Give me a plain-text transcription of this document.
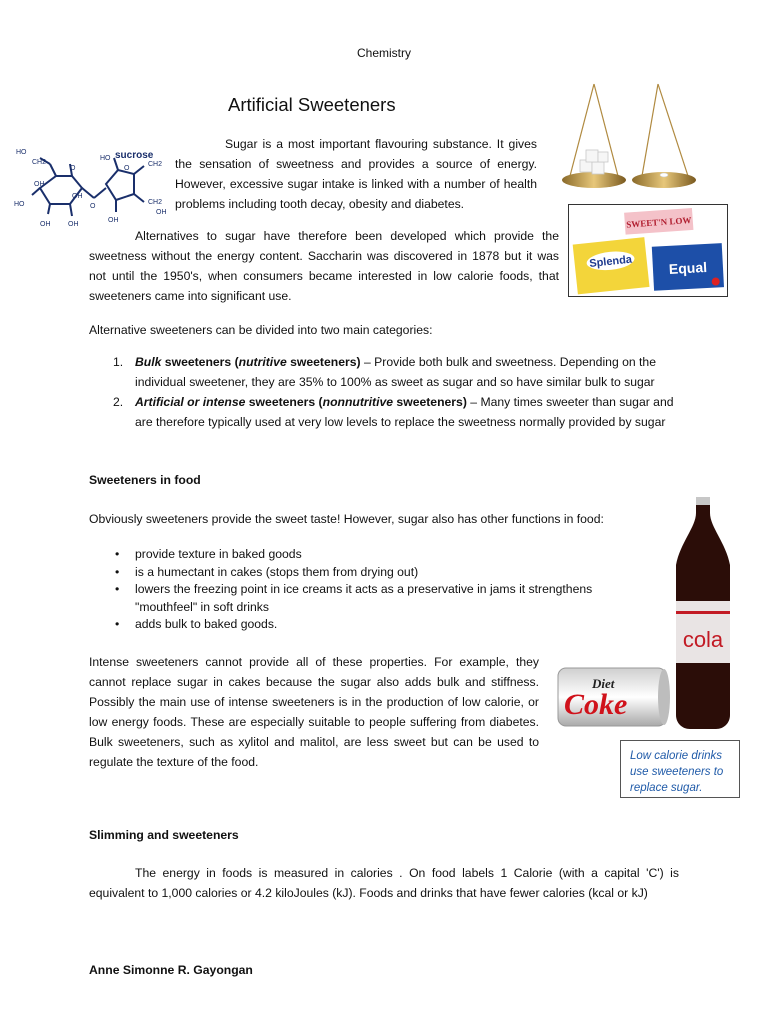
Chemistry
Artificial Sweeteners
HO
CH2
O
OH
OH
HO
OH
O
HO
O
OH
CH2
CH2
OH
OH
sucrose
Sugar is a most important flavouring substance. It gives the sensation of sweetness and provides a source of energy. However, excessive sugar intake is linked with a number of health problems including tooth decay, obesity and diabetes.
Alternatives to sugar have therefore been developed which provide the sweetness without the energy content. Saccharin was discovered in 1878 but it was not until the 1950's, when consumers became interested in low calorie foods, that sweeteners came into significant use.
SWEET'N LOW
Splenda	Equal
Alternative sweeteners can be divided into two main categories:
1. Bulk sweeteners (nutritive sweeteners) – Provide both bulk and sweetness. Depending on the individual sweetener, they are 35% to 100% as sweet as sugar and so have similar bulk to sugar
2. Artificial or intense sweeteners (nonnutritive sweeteners) – Many times sweeter than sugar and are therefore typically used at very low levels to replace the sweetness normally provided by sugar
Sweeteners in food
Obviously sweeteners provide the sweet taste! However, sugar also has other functions in food:
• provide texture in baked goods
• is a humectant in cakes (stops them from drying out)
• lowers the freezing point in ice creams it acts as a preservative in jams it strengthens "mouthfeel" in soft drinks
• adds bulk to baked goods.
Intense sweeteners cannot provide all of these properties. For example, they cannot replace sugar in cakes because the sugar also adds bulk and stiffness. Possibly the main use of intense sweeteners is in the production of low calorie, or low energy foods. These are especially suitable to people suffering from diabetes. Bulk sweeteners, such as xylitol and malitol, are less sweet but can be used to regulate the texture of the food.
cola
Diet
Coke
Low calorie drinks use sweeteners to replace sugar.
Slimming and sweeteners
The energy in foods is measured in calories . On food labels 1 Calorie (with a capital 'C') is equivalent to 1,000 calories or 4.2 kiloJoules (kJ). Foods and drinks that have fewer calories (kcal or kJ)
Anne Simonne R. Gayongan
